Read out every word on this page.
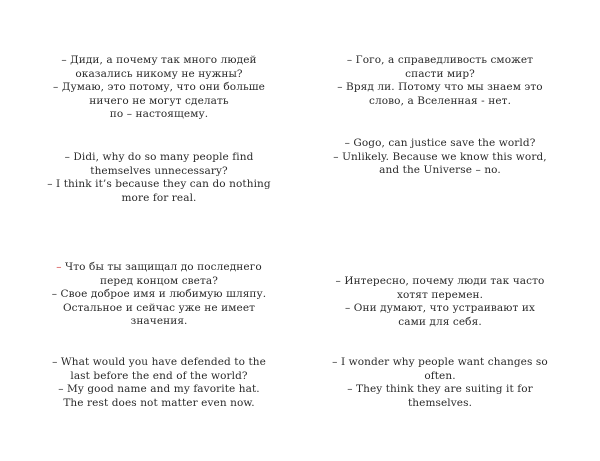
– Диди, а почему так много людей
оказались никому не нужны?
– Думаю, это потому, что они больше
ничего не могут сделать
по – настоящему.
– Didi, why do so many people find
themselves unnecessary?
– I think it’s because they can do nothing
more for real.
– Гого, а справедливость сможет
спасти мир?
– Вряд ли. Потому что мы знаем это
слово, а Вселенная - нет.
– Gogo, can justice save the world?
– Unlikely. Because we know this word,
and the Universe – no.
– Что бы ты защищал до последнего
перед концом света?
– Свое доброе имя и любимую шляпу.
Остальное и сейчас уже не имеет
значения.
– What would you have defended to the
last before the end of the world?
– My good name and my favorite hat.
The rest does not matter even now.
– Интересно, почему люди так часто
хотят перемен.
– Они думают, что устраивают их
сами для себя.
– I wonder why people want changes so
often.
– They think they are suiting it for
themselves.
